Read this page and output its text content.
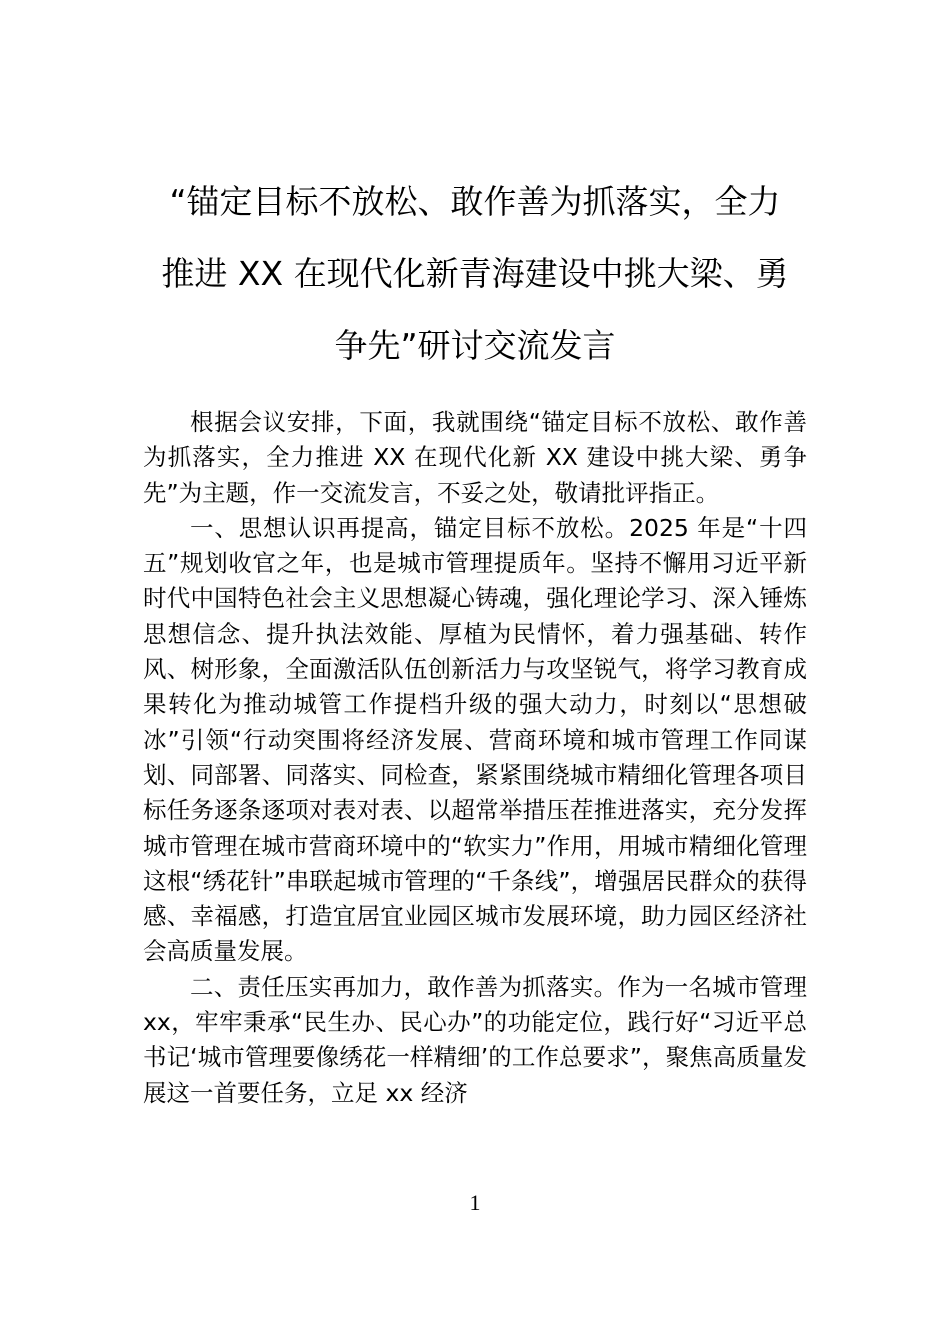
“锚定目标不放松、敢作善为抓落实，全力
推进 XX 在现代化新青海建设中挑大梁、勇
争先”研讨交流发言

根据会议安排，下面，我就围绕“锚定目标不放松、敢作善为抓落实，全力推进 XX 在现代化新 XX 建设中挑大梁、勇争先”为主题，作一交流发言，不妥之处，敬请批评指正。

一、思想认识再提高，锚定目标不放松。2025 年是“十四五”规划收官之年，也是城市管理提质年。坚持不懈用习近平新时代中国特色社会主义思想凝心铸魂，强化理论学习、深入锤炼思想信念、提升执法效能、厚植为民情怀，着力强基础、转作风、树形象，全面激活队伍创新活力与攻坚锐气，将学习教育成果转化为推动城管工作提档升级的强大动力，时刻以“思想破冰”引领“行动突围将经济发展、营商环境和城市管理工作同谋划、同部署、同落实、同检查，紧紧围绕城市精细化管理各项目标任务逐条逐项对表对表、以超常举措压茬推进落实，充分发挥城市管理在城市营商环境中的“软实力”作用，用城市精细化管理这根“绣花针”串联起城市管理的“千条线”，增强居民群众的获得感、幸福感，打造宜居宜业园区城市发展环境，助力园区经济社会高质量发展。

二、责任压实再加力，敢作善为抓落实。作为一名城市管理 xx，牢牢秉承“民生办、民心办”的功能定位，践行好“习近平总书记‘城市管理要像绣花一样精细’的工作总要求”，聚焦高质量发展这一首要任务，立足 xx 经济

1
